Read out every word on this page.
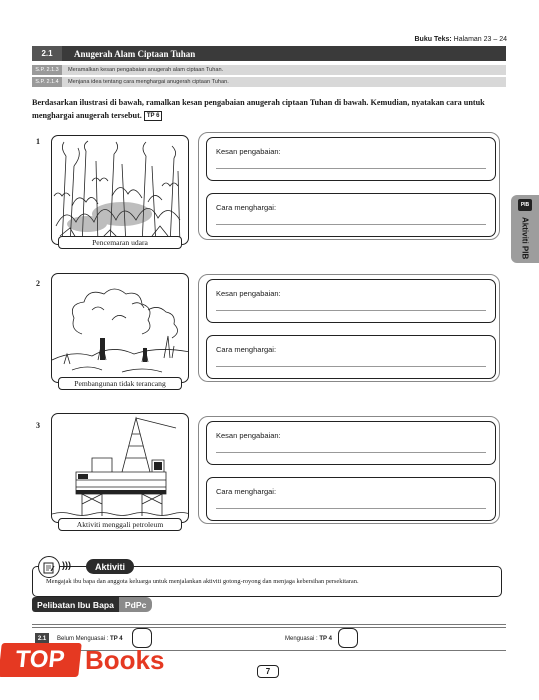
Buku Teks: Halaman 23 – 24
2.1	Anugerah Alam Ciptaan Tuhan
S.P. 2.1.3	Meramalkan kesan pengabaian anugerah alam ciptaan Tuhan.
S.P. 2.1.4	Menjana idea tentang cara menghargai anugerah ciptaan Tuhan.
Berdasarkan ilustrasi di bawah, ramalkan kesan pengabaian anugerah ciptaan Tuhan di bawah. Kemudian, nyatakan cara untuk menghargai anugerah tersebut. TP 6
1
Pencemaran udara
Kesan pengabaian:
Cara menghargai:
2
Pembangunan tidak terancang
Kesan pengabaian:
Cara menghargai:
3
Aktiviti menggali petroleum
Kesan pengabaian:
Cara menghargai:
PIB
Aktiviti PIB
)))	Aktiviti
Mengajak ibu bapa dan anggota keluarga untuk menjalankan aktiviti gotong-royong dan menjaga kebersihan persekitaran.
Pelibatan Ibu Bapa	PdPc
2.1	Belum Menguasai : TP 4	Menguasai : TP 4
TOP Books	7
